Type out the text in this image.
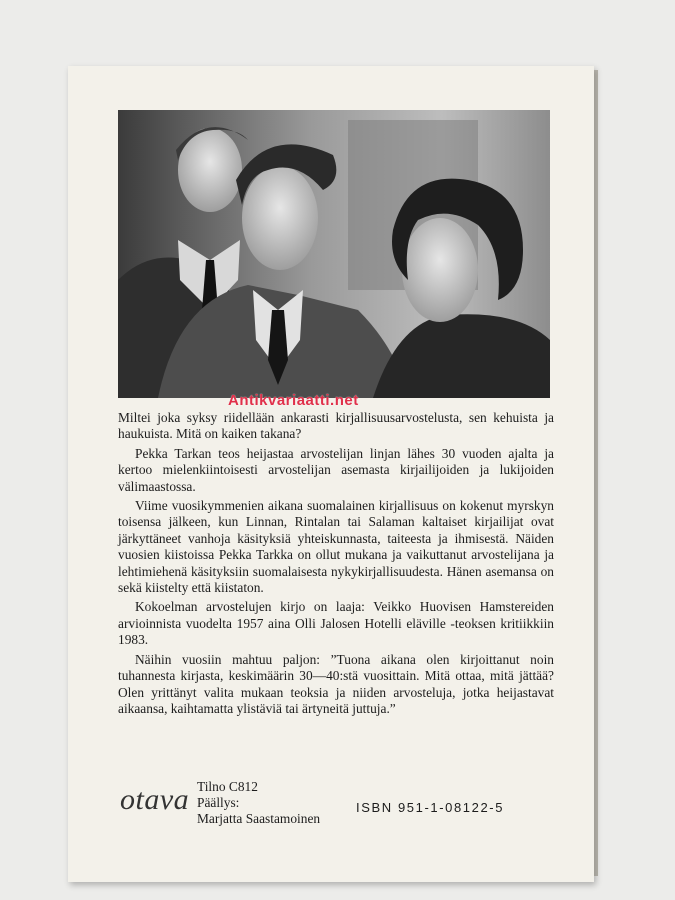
Antikvariaatti.net

Miltei joka syksy riidellään ankarasti kirjallisuusarvostelusta, sen kehuista ja haukuista. Mitä on kaiken takana?

Pekka Tarkan teos heijastaa arvostelijan linjan lähes 30 vuoden ajalta ja kertoo mielenkiintoisesti arvostelijan asemasta kirjailijoiden ja lukijoiden välimaastossa.

Viime vuosikymmenien aikana suomalainen kirjallisuus on kokenut myrskyn toisensa jälkeen, kun Linnan, Rintalan tai Salaman kaltaiset kirjailijat ovat järkyttäneet vanhoja käsityksiä yhteiskunnasta, taiteesta ja ihmisestä. Näiden vuosien kiistoissa Pekka Tarkka on ollut mukana ja vaikuttanut arvostelijana ja lehtimiehenä käsityksiin suomalaisesta nykykirjallisuudesta. Hänen asemansa on sekä kiistelty että kiistaton.

Kokoelman arvostelujen kirjo on laaja: Veikko Huovisen Hamstereiden arvioinnista vuodelta 1957 aina Olli Jalosen Hotelli eläville -teoksen kritiikkiin 1983.

Näihin vuosiin mahtuu paljon: ”Tuona aikana olen kirjoittanut noin tuhannesta kirjasta, keskimäärin 30—40:stä vuosittain. Mitä ottaa, mitä jättää? Olen yrittänyt valita mukaan teoksia ja niiden arvosteluja, jotka heijastavat aikaansa, kaihtamatta ylistäviä tai ärtyneitä juttuja.”

otava Tilno C812
Päällys:
Marjatta Saastamoinen
ISBN 951-1-08122-5
